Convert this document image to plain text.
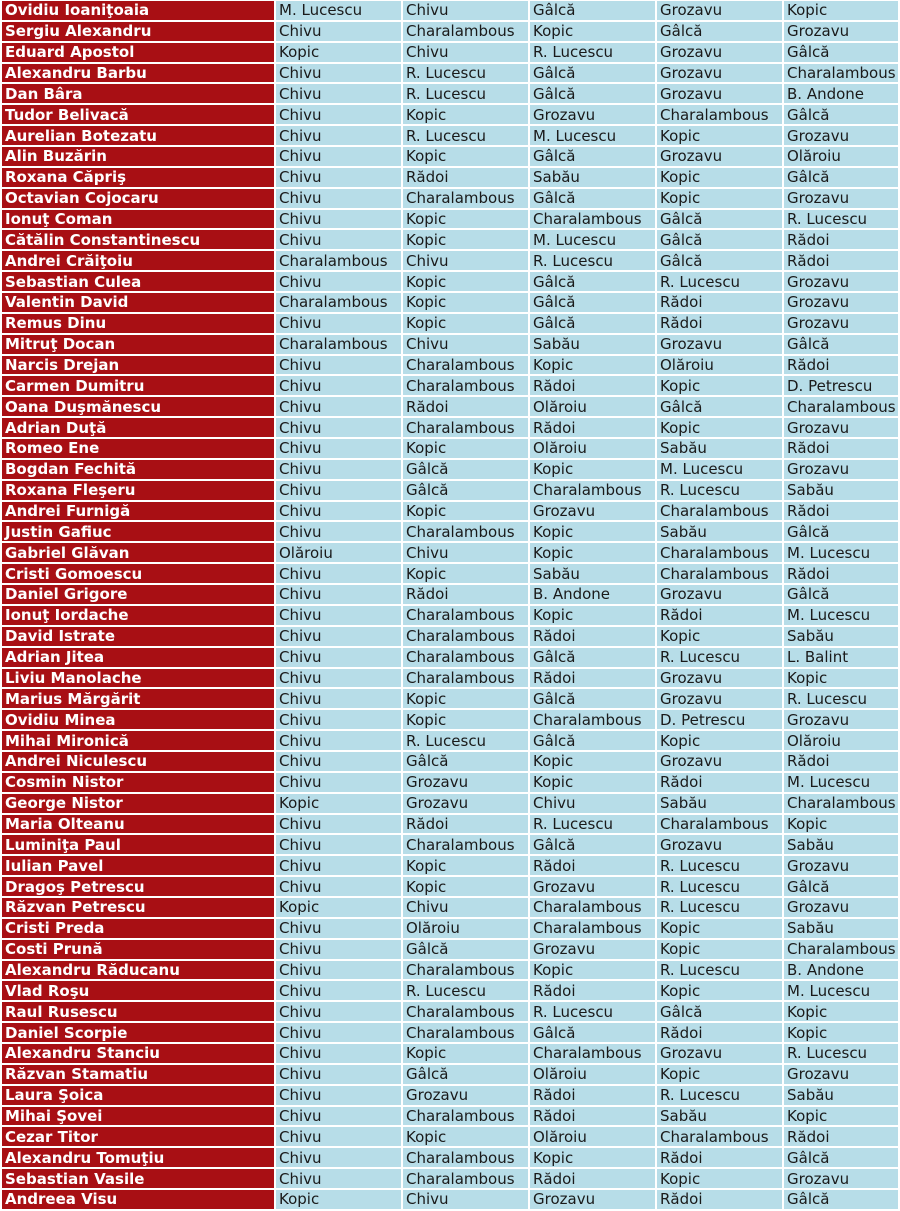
Ovidiu Ioaniţoaia	M. Lucescu	Chivu	Gâlcă	Grozavu	Kopic
Sergiu Alexandru	Chivu	Charalambous	Kopic	Gâlcă	Grozavu
Eduard Apostol	Kopic	Chivu	R. Lucescu	Grozavu	Gâlcă
Alexandru Barbu	Chivu	R. Lucescu	Gâlcă	Grozavu	Charalambous
Dan Bâra	Chivu	R. Lucescu	Gâlcă	Grozavu	B. Andone
Tudor Belivacă	Chivu	Kopic	Grozavu	Charalambous	Gâlcă
Aurelian Botezatu	Chivu	R. Lucescu	M. Lucescu	Kopic	Grozavu
Alin Buzărin	Chivu	Kopic	Gâlcă	Grozavu	Olăroiu
Roxana Căpriş	Chivu	Rădoi	Sabău	Kopic	Gâlcă
Octavian Cojocaru	Chivu	Charalambous	Gâlcă	Kopic	Grozavu
Ionuţ Coman	Chivu	Kopic	Charalambous	Gâlcă	R. Lucescu
Cătălin Constantinescu	Chivu	Kopic	M. Lucescu	Gâlcă	Rădoi
Andrei Crăiţoiu	Charalambous	Chivu	R. Lucescu	Gâlcă	Rădoi
Sebastian Culea	Chivu	Kopic	Gâlcă	R. Lucescu	Grozavu
Valentin David	Charalambous	Kopic	Gâlcă	Rădoi	Grozavu
Remus Dinu	Chivu	Kopic	Gâlcă	Rădoi	Grozavu
Mitruţ Docan	Charalambous	Chivu	Sabău	Grozavu	Gâlcă
Narcis Drejan	Chivu	Charalambous	Kopic	Olăroiu	Rădoi
Carmen Dumitru	Chivu	Charalambous	Rădoi	Kopic	D. Petrescu
Oana Duşmănescu	Chivu	Rădoi	Olăroiu	Gâlcă	Charalambous
Adrian Duţă	Chivu	Charalambous	Rădoi	Kopic	Grozavu
Romeo Ene	Chivu	Kopic	Olăroiu	Sabău	Rădoi
Bogdan Fechită	Chivu	Gâlcă	Kopic	M. Lucescu	Grozavu
Roxana Fleşeru	Chivu	Gâlcă	Charalambous	R. Lucescu	Sabău
Andrei Furnigă	Chivu	Kopic	Grozavu	Charalambous	Rădoi
Justin Gafiuc	Chivu	Charalambous	Kopic	Sabău	Gâlcă
Gabriel Glăvan	Olăroiu	Chivu	Kopic	Charalambous	M. Lucescu
Cristi Gomoescu	Chivu	Kopic	Sabău	Charalambous	Rădoi
Daniel Grigore	Chivu	Rădoi	B. Andone	Grozavu	Gâlcă
Ionuţ Iordache	Chivu	Charalambous	Kopic	Rădoi	M. Lucescu
David Istrate	Chivu	Charalambous	Rădoi	Kopic	Sabău
Adrian Jitea	Chivu	Charalambous	Gâlcă	R. Lucescu	L. Balint
Liviu Manolache	Chivu	Charalambous	Rădoi	Grozavu	Kopic
Marius Mărgărit	Chivu	Kopic	Gâlcă	Grozavu	R. Lucescu
Ovidiu Minea	Chivu	Kopic	Charalambous	D. Petrescu	Grozavu
Mihai Mironică	Chivu	R. Lucescu	Gâlcă	Kopic	Olăroiu
Andrei Niculescu	Chivu	Gâlcă	Kopic	Grozavu	Rădoi
Cosmin Nistor	Chivu	Grozavu	Kopic	Rădoi	M. Lucescu
George Nistor	Kopic	Grozavu	Chivu	Sabău	Charalambous
Maria Olteanu	Chivu	Rădoi	R. Lucescu	Charalambous	Kopic
Luminiţa Paul	Chivu	Charalambous	Gâlcă	Grozavu	Sabău
Iulian Pavel	Chivu	Kopic	Rădoi	R. Lucescu	Grozavu
Dragoş Petrescu	Chivu	Kopic	Grozavu	R. Lucescu	Gâlcă
Răzvan Petrescu	Kopic	Chivu	Charalambous	R. Lucescu	Grozavu
Cristi Preda	Chivu	Olăroiu	Charalambous	Kopic	Sabău
Costi Prună	Chivu	Gâlcă	Grozavu	Kopic	Charalambous
Alexandru Răducanu	Chivu	Charalambous	Kopic	R. Lucescu	B. Andone
Vlad Roşu	Chivu	R. Lucescu	Rădoi	Kopic	M. Lucescu
Raul Rusescu	Chivu	Charalambous	R. Lucescu	Gâlcă	Kopic
Daniel Scorpie	Chivu	Charalambous	Gâlcă	Rădoi	Kopic
Alexandru Stanciu	Chivu	Kopic	Charalambous	Grozavu	R. Lucescu
Răzvan Stamatiu	Chivu	Gâlcă	Olăroiu	Kopic	Grozavu
Laura Şoica	Chivu	Grozavu	Rădoi	R. Lucescu	Sabău
Mihai Şovei	Chivu	Charalambous	Rădoi	Sabău	Kopic
Cezar Titor	Chivu	Kopic	Olăroiu	Charalambous	Rădoi
Alexandru Tomuţiu	Chivu	Charalambous	Kopic	Rădoi	Gâlcă
Sebastian Vasile	Chivu	Charalambous	Rădoi	Kopic	Grozavu
Andreea Visu	Kopic	Chivu	Grozavu	Rădoi	Gâlcă
